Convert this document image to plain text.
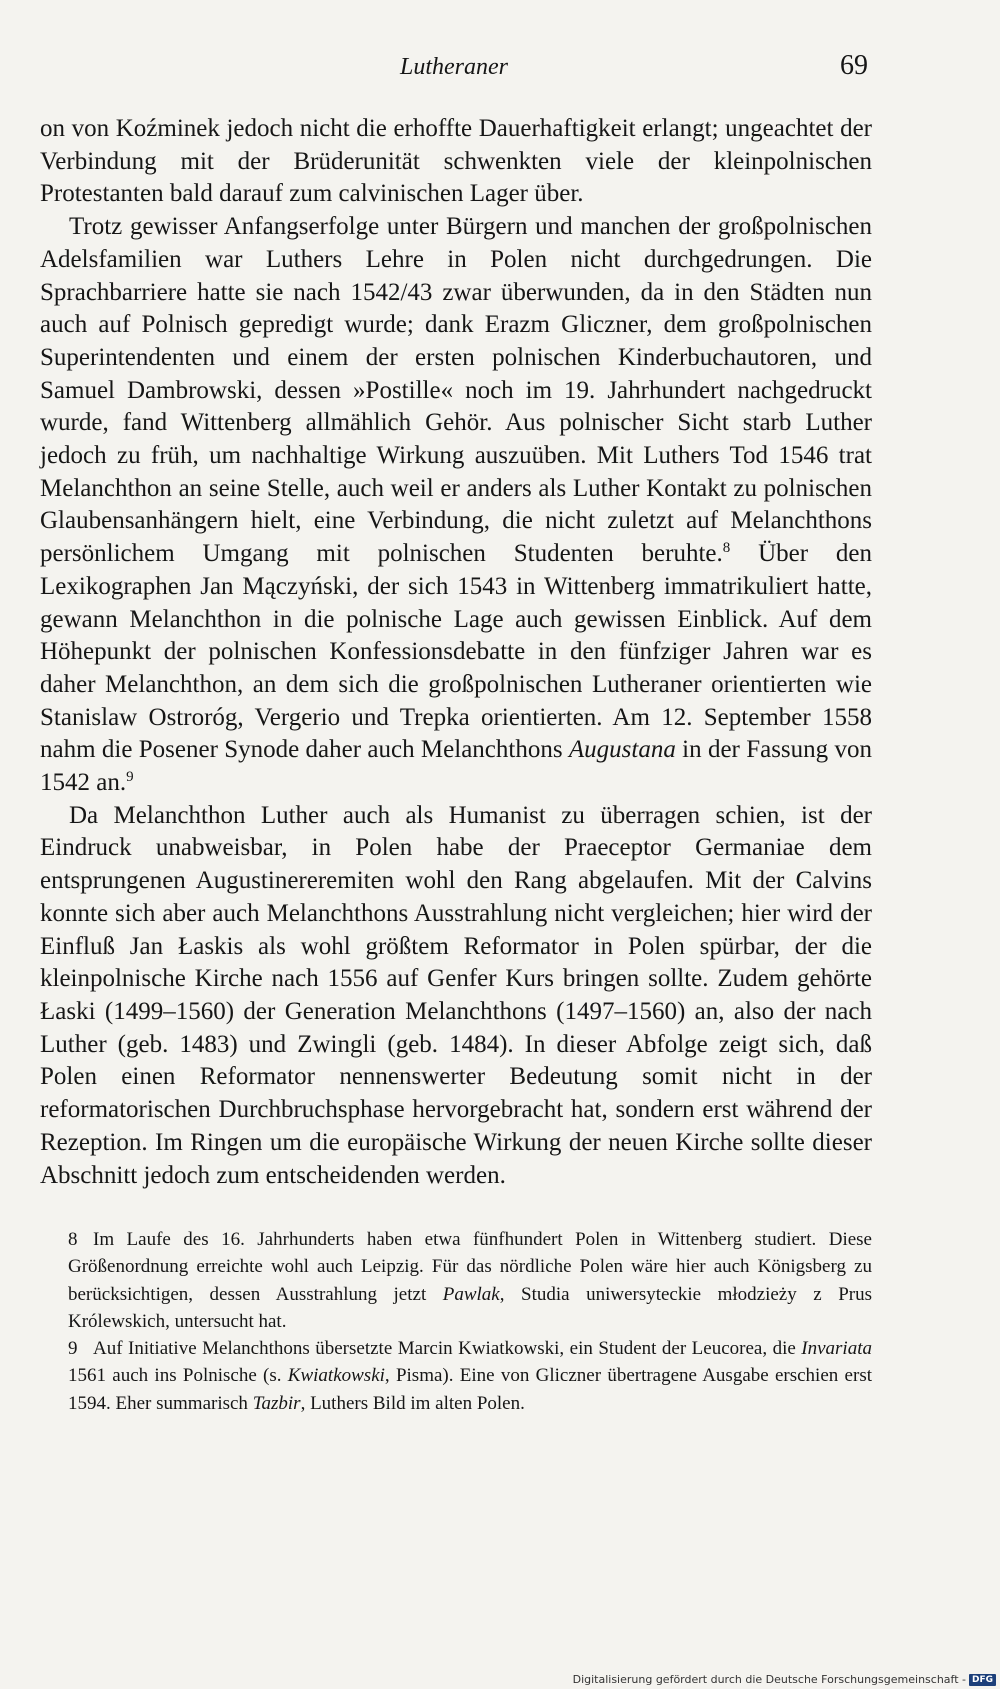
Lutheraner	69

on von Koźminek jedoch nicht die erhoffte Dauerhaftigkeit erlangt; ungeachtet der Verbindung mit der Brüderunität schwenkten viele der kleinpolnischen Protestanten bald darauf zum calvinischen Lager über.

Trotz gewisser Anfangserfolge unter Bürgern und manchen der großpolnischen Adelsfamilien war Luthers Lehre in Polen nicht durchgedrungen. Die Sprachbarriere hatte sie nach 1542/43 zwar überwunden, da in den Städten nun auch auf Polnisch gepredigt wurde; dank Erazm Gliczner, dem großpolnischen Superintendenten und einem der ersten polnischen Kinderbuchautoren, und Samuel Dambrowski, dessen »Postille« noch im 19. Jahrhundert nachgedruckt wurde, fand Wittenberg allmählich Gehör. Aus polnischer Sicht starb Luther jedoch zu früh, um nachhaltige Wirkung auszuüben. Mit Luthers Tod 1546 trat Melanchthon an seine Stelle, auch weil er anders als Luther Kontakt zu polnischen Glaubensanhängern hielt, eine Verbindung, die nicht zuletzt auf Melanchthons persönlichem Umgang mit polnischen Studenten beruhte.$^8$ Über den Lexikographen Jan Mączyński, der sich 1543 in Wittenberg immatrikuliert hatte, gewann Melanchthon in die polnische Lage auch gewissen Einblick. Auf dem Höhepunkt der polnischen Konfessionsdebatte in den fünfziger Jahren war es daher Melanchthon, an dem sich die großpolnischen Lutheraner orientierten wie Stanislaw Ostroróg, Vergerio und Trepka orientierten. Am 12. September 1558 nahm die Posener Synode daher auch Melanchthons Augustana in der Fassung von 1542 an.$^9$

Da Melanchthon Luther auch als Humanist zu überragen schien, ist der Eindruck unabweisbar, in Polen habe der Praeceptor Germaniae dem entsprungenen Augustinereremiten wohl den Rang abgelaufen. Mit der Calvins konnte sich aber auch Melanchthons Ausstrahlung nicht vergleichen; hier wird der Einfluß Jan Łaskis als wohl größtem Reformator in Polen spürbar, der die kleinpolnische Kirche nach 1556 auf Genfer Kurs bringen sollte. Zudem gehörte Łaski (1499–1560) der Generation Melanchthons (1497–1560) an, also der nach Luther (geb. 1483) und Zwingli (geb. 1484). In dieser Abfolge zeigt sich, daß Polen einen Reformator nennenswerter Bedeutung somit nicht in der reformatorischen Durchbruchsphase hervorgebracht hat, sondern erst während der Rezeption. Im Ringen um die europäische Wirkung der neuen Kirche sollte dieser Abschnitt jedoch zum entscheidenden werden.

8 Im Laufe des 16. Jahrhunderts haben etwa fünfhundert Polen in Wittenberg studiert. Diese Größenordnung erreichte wohl auch Leipzig. Für das nördliche Polen wäre hier auch Königsberg zu berücksichtigen, dessen Ausstrahlung jetzt Pawlak, Studia uniwersyteckie młodzieży z Prus Królewskich, untersucht hat.

9 Auf Initiative Melanchthons übersetzte Marcin Kwiatkowski, ein Student der Leucorea, die Invariata 1561 auch ins Polnische (s. Kwiatkowski, Pisma). Eine von Gliczner übertragene Ausgabe erschien erst 1594. Eher summarisch Tazbir, Luthers Bild im alten Polen.

Digitalisierung gefördert durch die Deutsche Forschungsgemeinschaft - DFG
